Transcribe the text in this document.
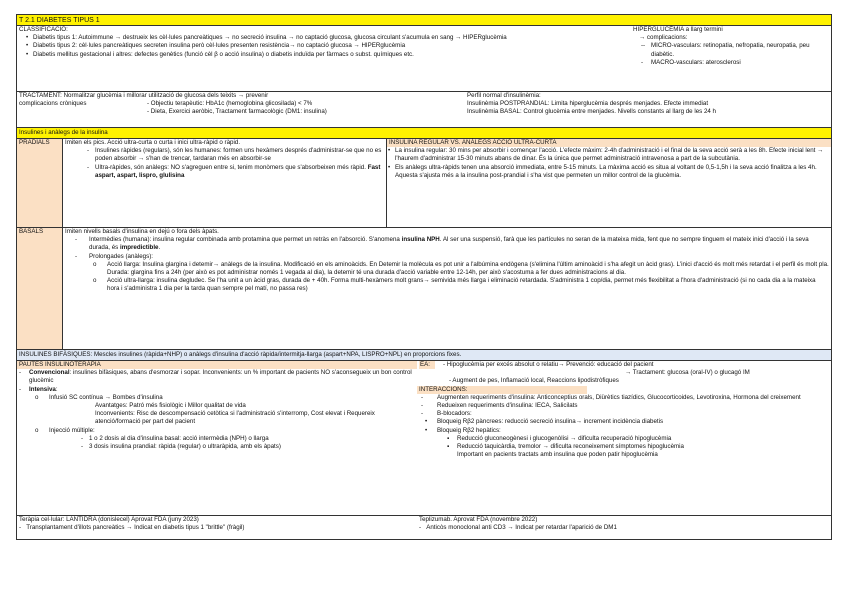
T 2.1 DIABETES TIPUS 1
CLASSIFICACIÓ:
• Diabetis tipus 1: Autoimmune → destrueix les cèl·lules pancreàtiques → no secreció insulina → no captació glucosa, glucosa circulant s'acumula en sang → HIPERglucèmia
• Diabetis tipus 2: cèl·lules pancreàtiques secreten insulina però cèl·lules presenten resistència→ no captació glucosa → HIPERglucèmia
• Diabetis mellitus gestacional i altres: defectes genètics (funció cèl β o acció insulina) o diabetis induïda per fàrmacs o subst. químiques etc.
HIPERGLUCÈMIA a llarg termini
→ complicacions:
- - MICRO-vasculars: retinopatia, nefropatia, neuropatia, peu diabètic.
- MACRO-vasculars: aterosclerosi
TRACTAMENT: Normalitzar glucèmia i millorar utilització de glucosa dels teixits → prevenir
complicacions cròniques	- Objectiu terapèutic: HbA1c (hemoglobina glicosilada) < 7%
- Dieta, Exercici aeròbic, Tractament farmacològic (DM1: insulina)
Perfil normal d'insulinèmia:
Insulinèmia POSTPRANDIAL: Limita hiperglucèmia després menjades. Efecte immediat
Insulinèmia BASAL: Control glucèmia entre menjades. Nivells constants al llarg de les 24 h
Insulines i anàlegs de la insulina
PRADIALS	Imiten els pics. Acció ultra-curta o curta i inici ultra-ràpid o ràpid.
- Insulines ràpides (regulars), són les humanes: formen uns hexàmers després d'administrar-se que no es poden absorbir → s'han de trencar, tardaran més en absorbir-se
- Ultra-ràpides, són anàlegs: NO s'agreguen entre si, tenim monòmers que s'absorbeixen més ràpid. Fast aspart, aspart, lispro, glulisina
INSULINA REGULAR VS. ANÀLEGS ACCIÓ ULTRA-CURTA
• La insulina regular: 30 mins per absorbir i començar l'acció. L'efecte màxim: 2-4h d'administració i el final de la seva acció serà a les 8h. Efecte inicial lent → l'haurem d'administrar 15-30 minuts abans de dinar. És la única que permet administració intravenosa a part de la subcutània.
• Els anàlegs ultra-ràpids tenen una absorció immediata, entre 5-15 minuts. La màxima acció es situa al voltant de 0,5-1,5h i la seva acció finalitza a les 4h. Aquesta s'ajusta més a la insulina post-prandial i s'ha vist que permeten un millor control de la glucèmia.
BASALS	Imiten nivells basals d'insulina en dejú o fora dels àpats.
- Intermèdies (humana): insulina regular combinada amb protamina que permet un retràs en l'absorció. S'anomena insulina NPH. Al ser una suspensió, farà que les partícules no seran de la mateixa mida, fent que no sempre tinguem el mateix inici d'acció i la seva durada, és impredictible.
- Prolongades (anàlegs):
o Acció llarga: Insulina glargina i detemir→ anàlegs de la insulina. Modificació en els aminoàcids. En Detemir la molècula es pot unir a l'albúmina endògena (s'elimina l'últim aminoàcid i s'ha afegit un àcid gras). L'inici d'acció és molt més retardat i el perfil és molt pla. Durada: glargina fins a 24h (per això es pot administrar només 1 vegada al dia), la detemir té una durada d'acció variable entre 12-14h, per això s'acostuma a fer dues administracions al dia.
o Acció ultra-llarga: insulina degludec. Se l'ha unit a un àcid gras, durada de + 40h. Forma multi-hexàmers molt grans→ semivida més llarga i eliminació retardada. S'administra 1 cop/dia, permet més flexibilitat a l'hora d'administració (si no cada dia a la mateixa hora i s'administra 1 dia per la tarda quan sempre pel matí, no passa res)
INSULINES BIFÀSIQUES: Mescles insulines (ràpida+NHP) o anàlegs d'insulina d'acció ràpida/intermitja-llarga (aspart+NPA, LISPRO+NPL) en proporcions fixes.
PAUTES INSULINOTERÀPIA
- Convencional: insulines bifàsiques, abans d'esmorzar i sopar. Inconvenients: un % important de pacients NO s'aconsegueix un bon control glucèmic
- Intensiva:
o Infusió SC contínua → Bombes d'insulina
Avantatges: Patró més fisiològic i Millor qualitat de vida
Inconvenients: Risc de descompensació cetòtica si l'administració s'interromp, Cost elevat i Requereix atenció/formació per part del pacient
o Injecció múltiple:
- 1 o 2 dosis al dia d'insulina basal: acció intermèdia (NPH) o llarga
- 3 dosis insulina prandial: ràpida (regular) o ultraràpida, amb els àpats)
EA:	- Hipoglucèmia per excés absolut o relatiu→ Prevenció: educació del pacient
→ Tractament: glucosa (oral-IV) o glucagó IM
- Augment de pes, Inflamació local, Reaccions lipodistròfiques
INTERACCIONS:
- Augmenten requeriments d'insulina: Anticonceptius orals, Diürètics tiazídics, Glucocorticoides, Levotiroxina, Hormona del creixement
- Redueixen requeriments d'insulina: IECA, Salicilats
- B-blocadors:
• Bloqueig Rβ2 pàncrees: reducció secreció insulina→ increment incidència diabetis
• Bloqueig Rβ2 hepàtics:
▪ Reducció gluconeogènesi i glucogenòlisi → dificulta recuperació hipoglucèmia
▪ Reducció taquicàrdia, tremolor → dificulta reconeixement símptomes hipoglucèmia
Important en pacients tractats amb insulina que poden patir hipoglucèmia
Teràpia cel·lular: LANTIDRA (donislecel) Aprovat FDA (juny 2023)
-   Transplantament d'illots pancreàtics → Indicat en diabetis tipus 1 "brittle" (fràgil)
Teplizumab. Aprovat FDA (novembre 2022)
-   Anticòs monoclonal anti CD3 → Indicat per retardar l'aparició de DM1
